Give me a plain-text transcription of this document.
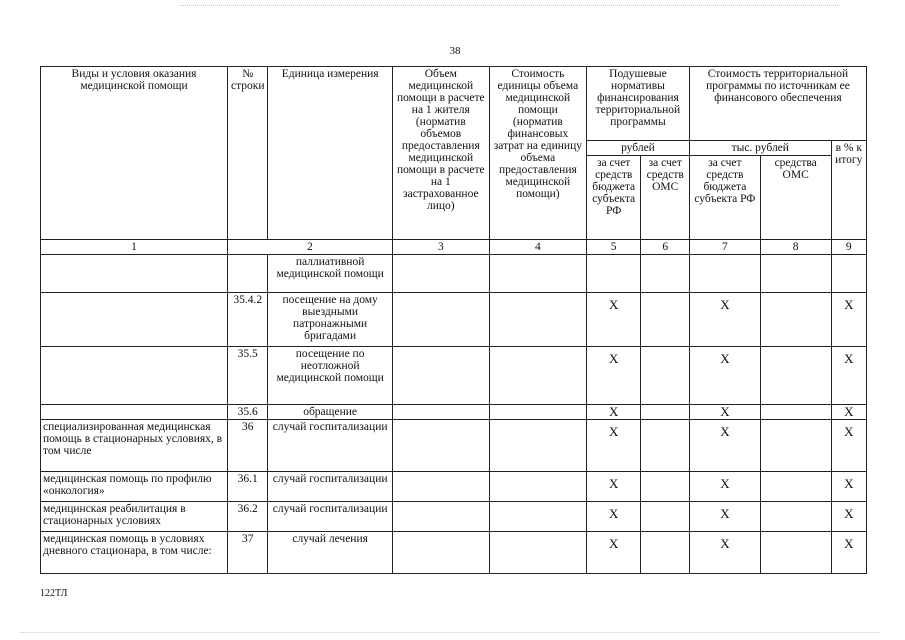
38
Виды и условия оказания медицинской помощи	№ строки	Единица измерения	Объем медицинской помощи в расчете на 1 жителя (норматив объемов предоставления медицинской помощи в расчете на 1 застрахованное лицо)	Стоимость единицы объема медицинской помощи (норматив финансовых затрат на единицу объема предоставления медицинской помощи)	Подушевые нормативы финансирования территориальной программы		Стоимость территориальной программы по источникам ее финансового обеспечения		
					рублей		тыс. рублей		в % к итогу
					за счет средств бюджета субъекта РФ	за счет средств ОМС	за счет средств бюджета субъекта РФ	средства ОМС	
1	2		3	4	5	6	7	8	9
		паллиативной медицинской помощи							
	35.4.2	посещение на дому выездными патронажными бригадами			Х		Х		Х
	35.5	посещение по неотложной медицинской помощи			Х		Х		Х
	35.6	обращение			Х		Х		Х
специализированная медицинская помощь в стационарных условиях, в том числе	36	случай госпитализации			Х		Х		Х
медицинская помощь по профилю «онкология»	36.1	случай госпитализации			Х		Х		Х
медицинская реабилитация в стационарных условиях	36.2	случай госпитализации			Х		Х		Х
медицинская помощь в условиях дневного стационара, в том числе:	37	случай лечения			Х		Х		Х
122ТЛ
